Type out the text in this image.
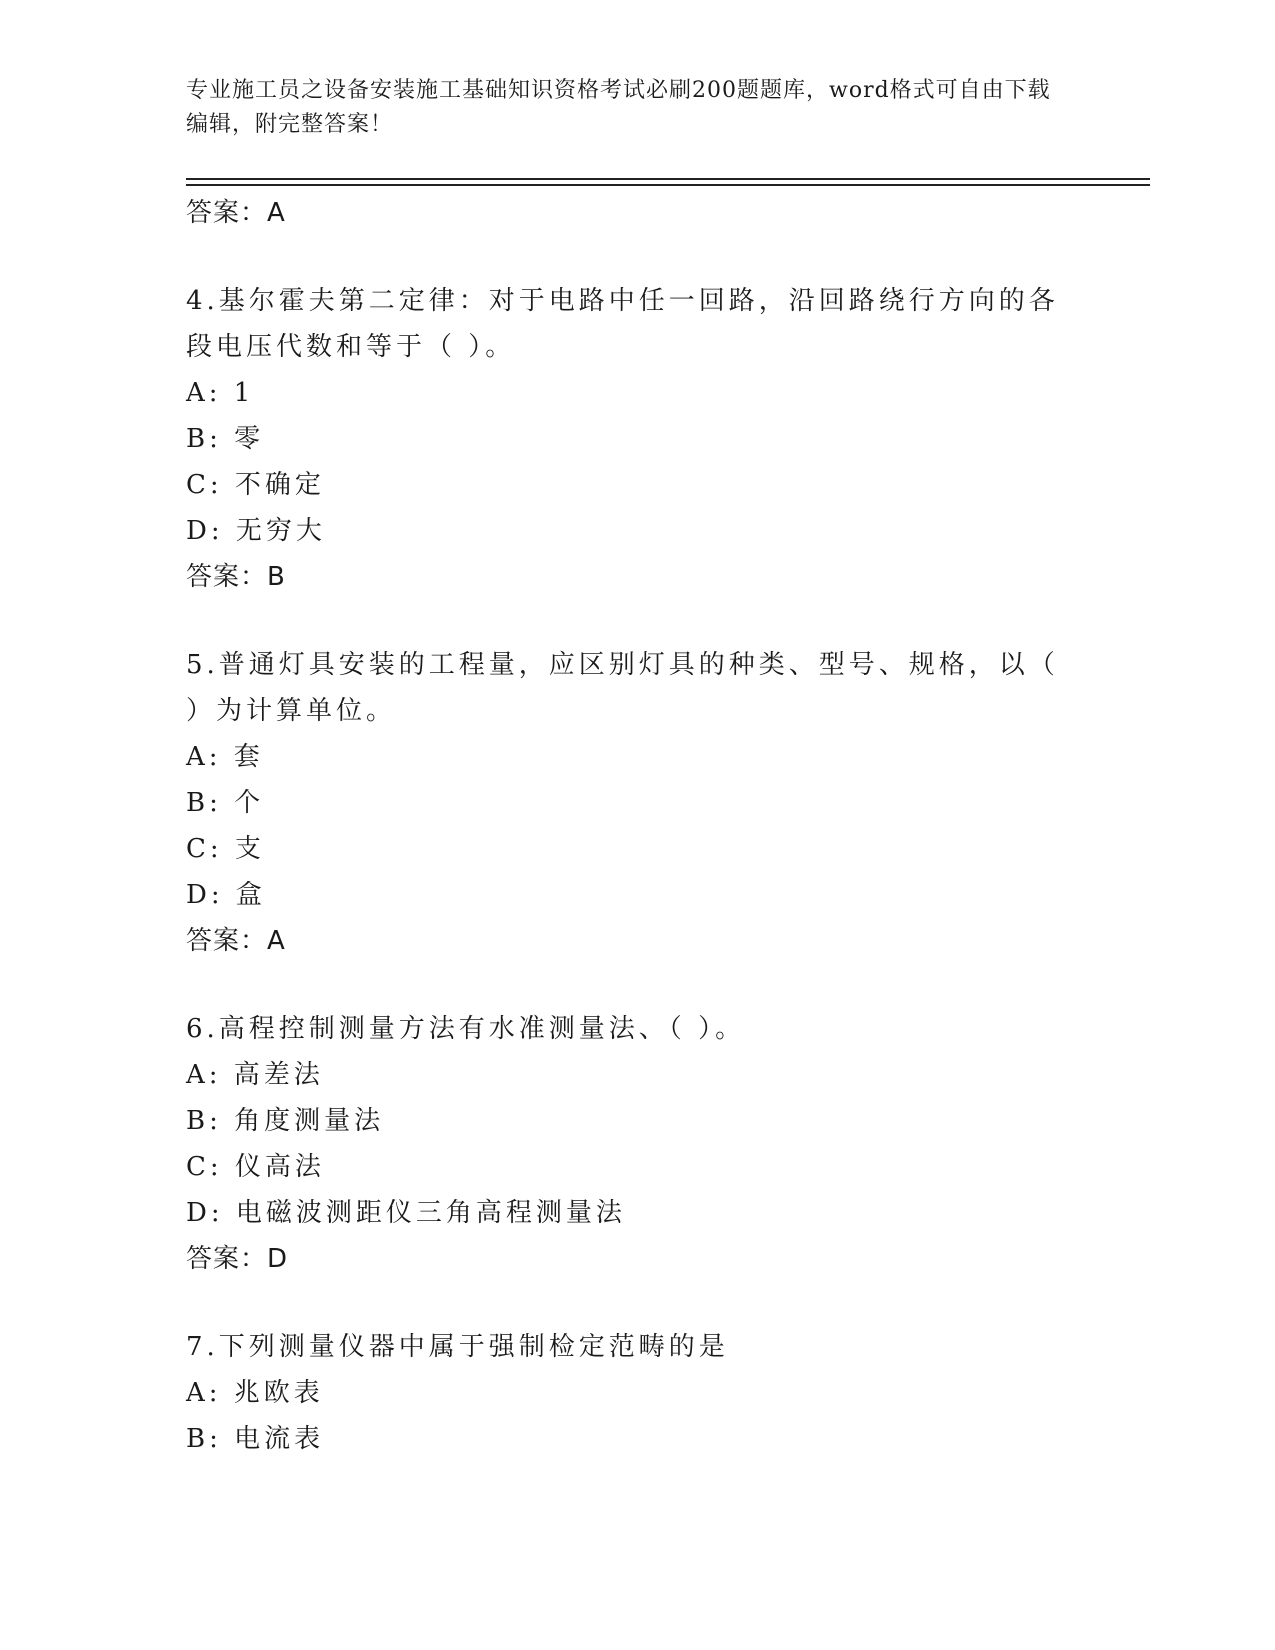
专业施工员之设备安装施工基础知识资格考试必刷200题题库，word格式可自由下载编辑，附完整答案！
答案：A
4.基尔霍夫第二定律：对于电路中任一回路，沿回路绕行方向的各段电压代数和等于（ ）。
A: 1
B: 零
C: 不确定
D: 无穷大
答案：B
5.普通灯具安装的工程量，应区别灯具的种类、型号、规格，以（ ）为计算单位。
A: 套
B: 个
C: 支
D: 盒
答案：A
6.高程控制测量方法有水准测量法、（ ）。
A: 高差法
B: 角度测量法
C: 仪高法
D: 电磁波测距仪三角高程测量法
答案：D
7.下列测量仪器中属于强制检定范畴的是
A: 兆欧表
B: 电流表
